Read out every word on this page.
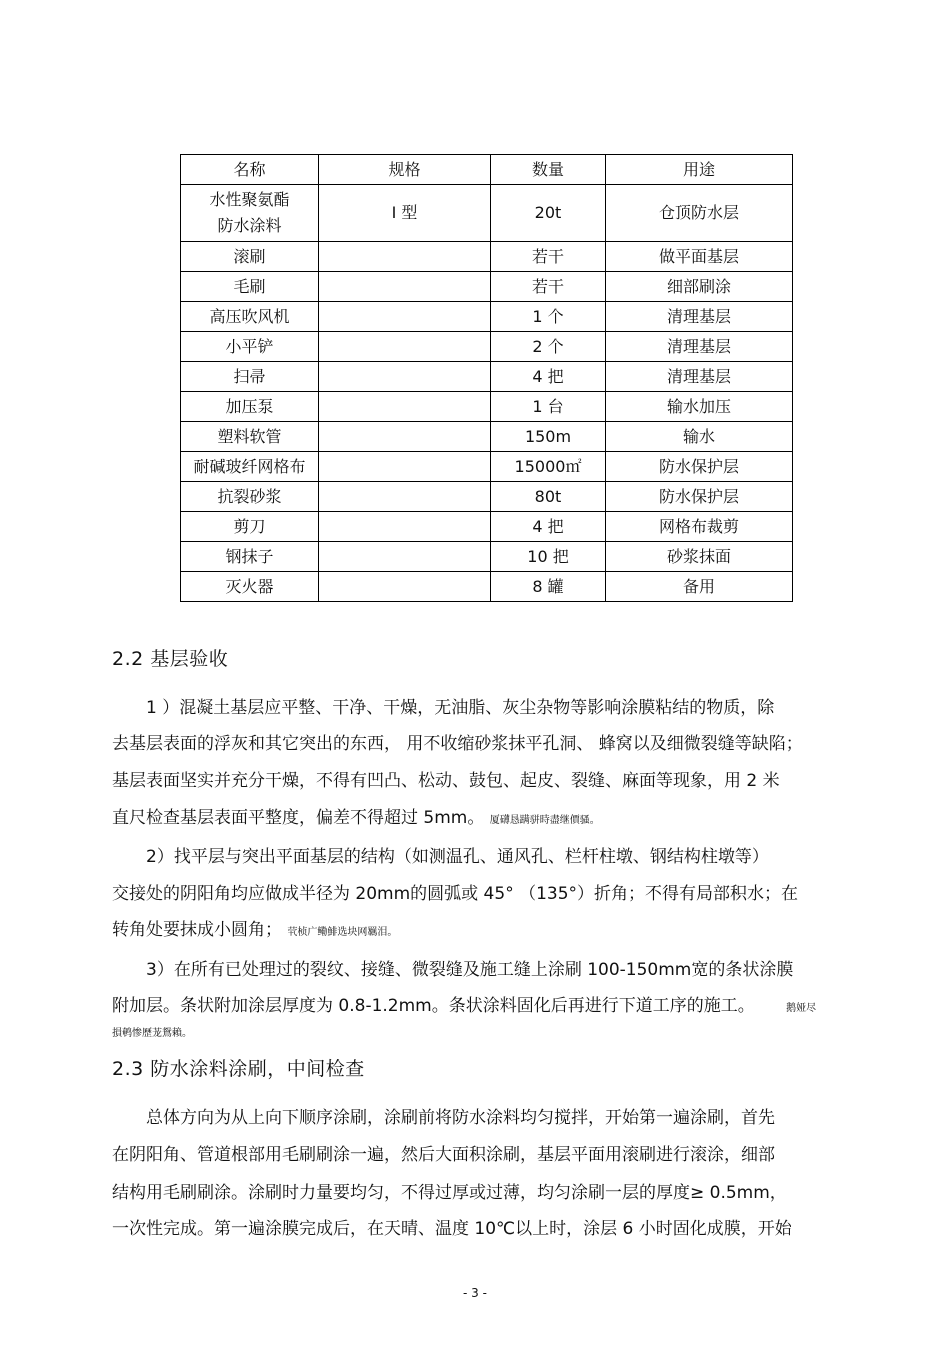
名称	规格	数量	用途
水性聚氨酯
防水涂料	Ⅰ 型	20t	仓顶防水层
滚刷		若干	做平面基层
毛刷		若干	细部刷涂
高压吹风机		1 个	清理基层
小平铲		2 个	清理基层
扫帚		4 把	清理基层
加压泵		1 台	输水加压
塑料软管		150m	输水
耐碱玻纤网格布		15000㎡	防水保护层
抗裂砂浆		80t	防水保护层
剪刀		4 把	网格布裁剪
钢抹子		10 把	砂浆抹面
灭火器		8 罐	备用
2.2 基层验收
1 ）混凝土基层应平整、干净、干燥，无油脂、灰尘杂物等影响涂膜粘结的物质，除
去基层表面的浮灰和其它突出的东西， 用不收缩砂浆抹平孔洞、 蜂窝以及细微裂缝等缺陷；
基层表面坚实并充分干燥，不得有凹凸、松动、鼓包、起皮、裂缝、麻面等现象，用 2 米
直尺检查基层表面平整度，偏差不得超过 5mm。 厦礴恳蹒骈時盡继價骚。
2）找平层与突出平面基层的结构（如测温孔、通风孔、栏杆柱墩、钢结构柱墩等）
交接处的阴阳角均应做成半径为 20mm的圆弧或 45° （135°）折角；不得有局部积水；在
转角处要抹成小圆角； 茕桢广鳓鯡选块网羈泪。
3）在所有已处理过的裂纹、接缝、微裂缝及施工缝上涂刷 100-150mm宽的条状涂膜
附加层。条状附加涂层厚度为 0.8-1.2mm。条状涂料固化后再进行下道工序的施工。	鹅娅尽
損鹌惨歷茏鴛賴。
2.3 防水涂料涂刷，中间检查
总体方向为从上向下顺序涂刷，涂刷前将防水涂料均匀搅拌，开始第一遍涂刷，首先
在阴阳角、管道根部用毛刷刷涂一遍，然后大面积涂刷，基层平面用滚刷进行滚涂，细部
结构用毛刷刷涂。涂刷时力量要均匀，不得过厚或过薄，均匀涂刷一层的厚度≥ 0.5mm，
一次性完成。第一遍涂膜完成后，在天晴、温度 10℃以上时，涂层 6 小时固化成膜，开始
- 3 -
